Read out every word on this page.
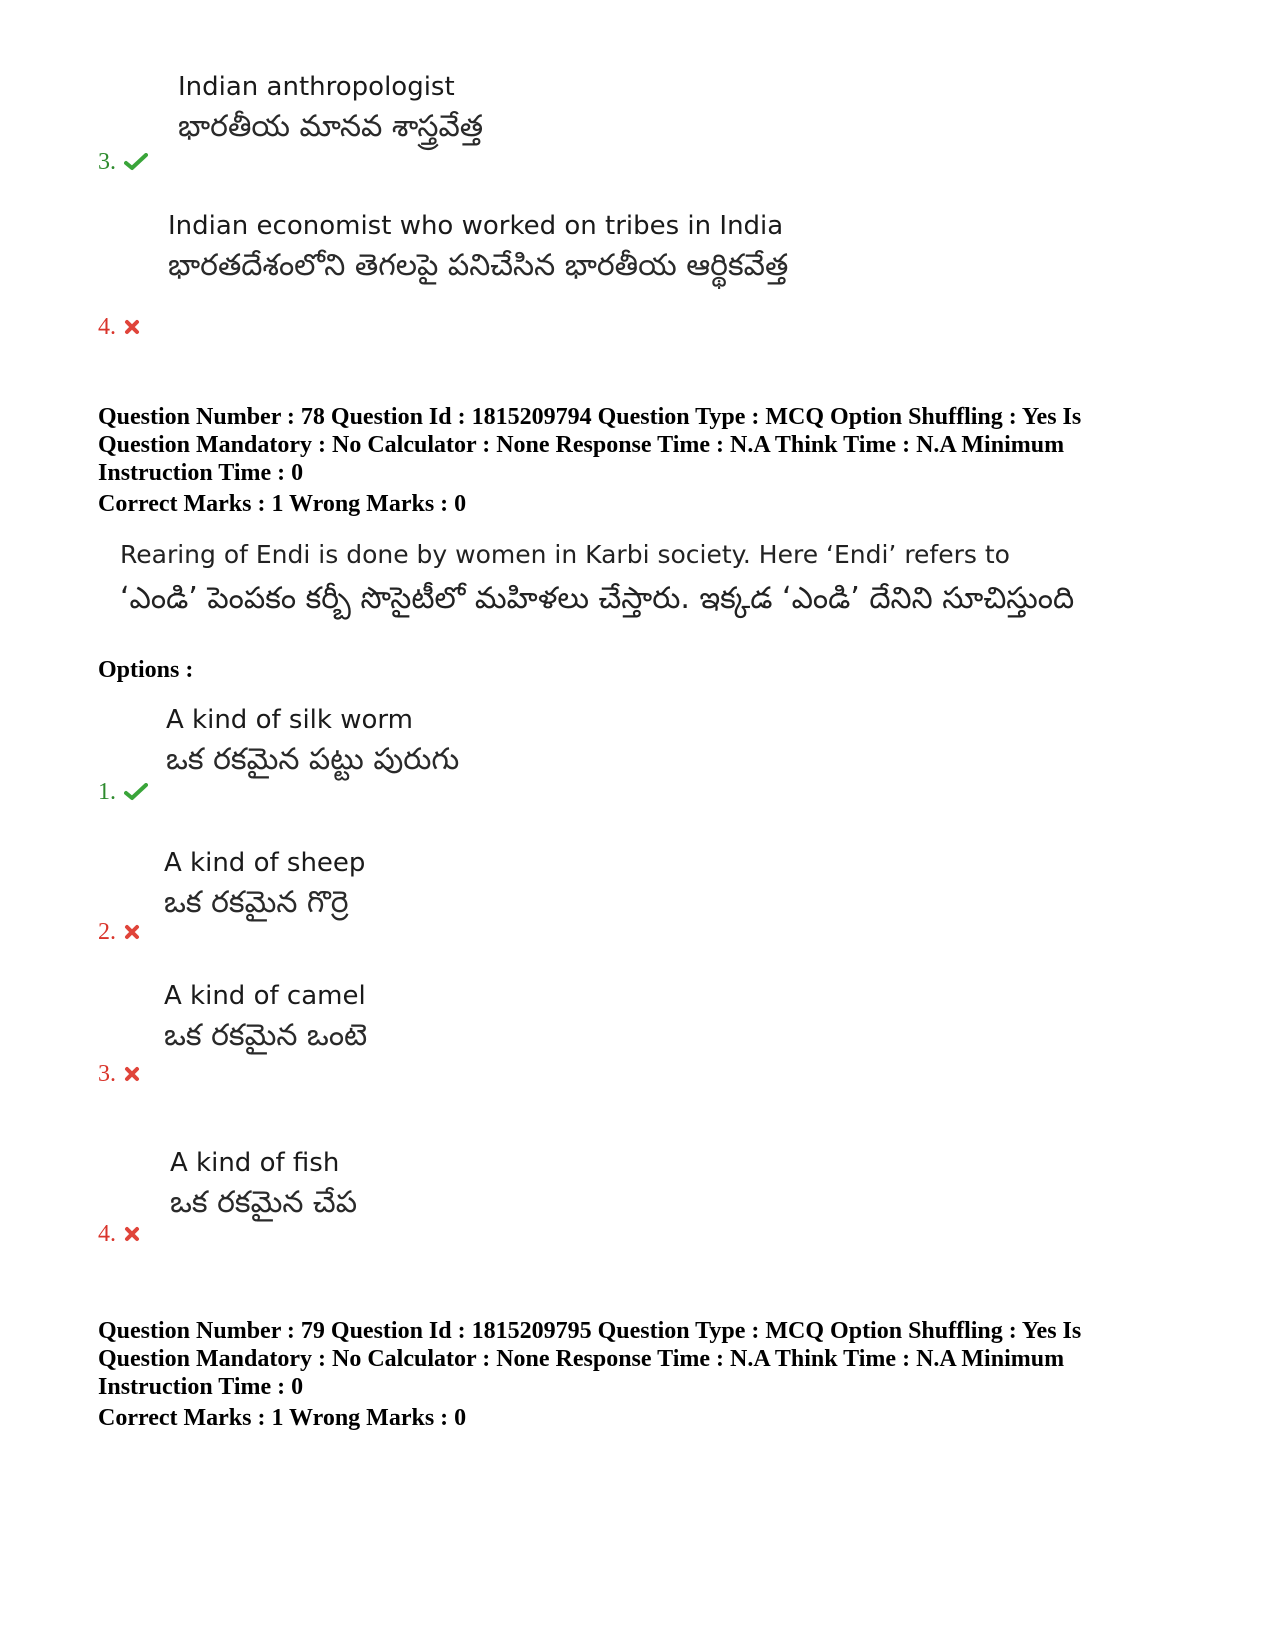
Indian anthropologist
భారతీయ మానవ శాస్త్రవేత్త
3.
Indian economist who worked on tribes in India
భారతదేశంలోని తెగలపై పనిచేసిన భారతీయ ఆర్థికవేత్త
4.
Question Number : 78 Question Id : 1815209794 Question Type : MCQ Option Shuffling : Yes Is Question Mandatory : No Calculator : None Response Time : N.A Think Time : N.A Minimum Instruction Time : 0
Correct Marks : 1 Wrong Marks : 0
Rearing of Endi is done by women in Karbi society. Here ‘Endi’ refers to
‘ఎండి’ పెంపకం కర్బీ సొసైటీలో మహిళలు చేస్తారు. ఇక్కడ ‘ఎండి’ దేనిని సూచిస్తుంది
Options :
A kind of silk worm
ఒక రకమైన పట్టు పురుగు
1.
A kind of sheep
ఒక రకమైన గొర్రె
2.
A kind of camel
ఒక రకమైన ఒంటె
3.
A kind of fish
ఒక రకమైన చేప
4.
Question Number : 79 Question Id : 1815209795 Question Type : MCQ Option Shuffling : Yes Is Question Mandatory : No Calculator : None Response Time : N.A Think Time : N.A Minimum Instruction Time : 0
Correct Marks : 1 Wrong Marks : 0
